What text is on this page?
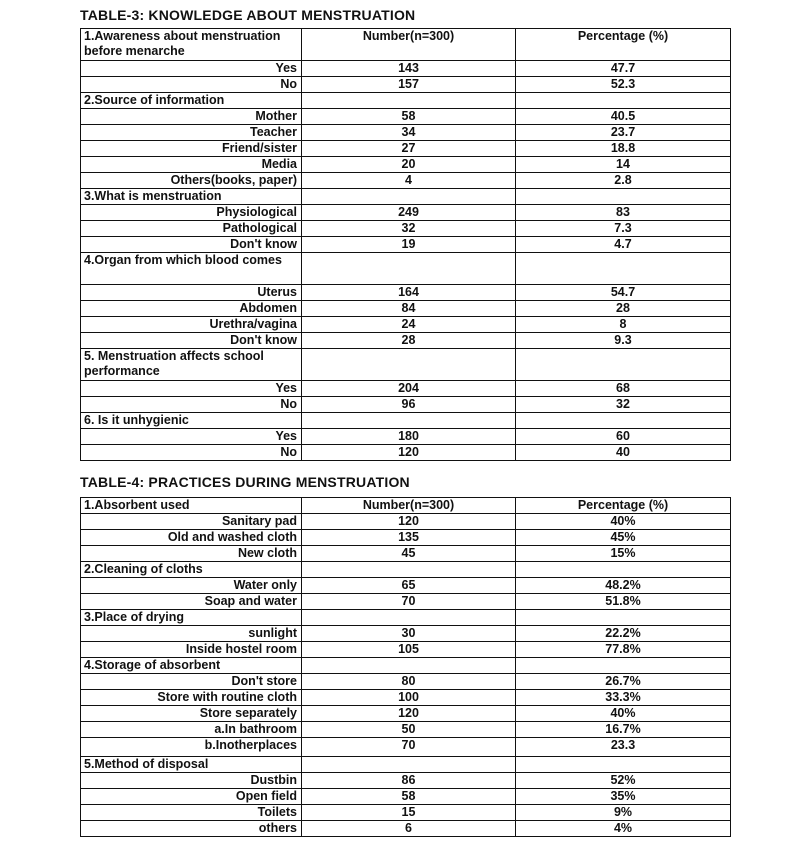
TABLE-3: KNOWLEDGE ABOUT MENSTRUATION
1.Awareness about menstruation before menarche	Number(n=300)	Percentage (%)
Yes	143	47.7
No	157	52.3
2.Source of information		
Mother	58	40.5
Teacher	34	23.7
Friend/sister	27	18.8
Media	20	14
Others(books, paper)	4	2.8
3.What is menstruation		
Physiological	249	83
Pathological	32	7.3
Don't know	19	4.7
4.Organ from which blood comes		
Uterus	164	54.7
Abdomen	84	28
Urethra/vagina	24	8
Don't know	28	9.3
5. Menstruation affects school performance		
Yes	204	68
No	96	32
6. Is it unhygienic		
Yes	180	60
No	120	40
TABLE-4: PRACTICES DURING MENSTRUATION
1.Absorbent used	Number(n=300)	Percentage (%)
Sanitary pad	120	40%
Old and washed cloth	135	45%
New cloth	45	15%
2.Cleaning of cloths		
Water only	65	48.2%
Soap and water	70	51.8%
3.Place of drying		
sunlight	30	22.2%
Inside hostel room	105	77.8%
4.Storage of absorbent		
Don't store	80	26.7%
Store with routine cloth	100	33.3%
Store separately	120	40%
a.In bathroom	50	16.7%
b.Inotherplaces	70	23.3
5.Method of disposal		
Dustbin	86	52%
Open field	58	35%
Toilets	15	9%
others	6	4%
